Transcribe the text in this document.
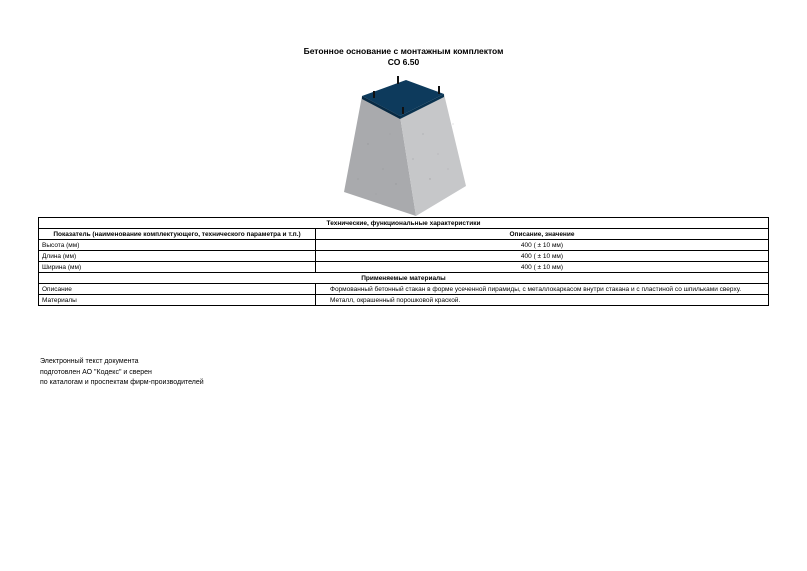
Бетонное основание с монтажным комплектом
СО 6.50
Технические, функциональные характеристики	
Показатель (наименование комплектующего, технического параметра и т.п.)	Описание, значение
Высота (мм)	400 ( ± 10 мм)
Длина (мм)	400 ( ± 10 мм)
Ширина (мм)	400 ( ± 10 мм)
Применяемые материалы	
Описание	Формованный бетонный стакан в форме усеченной пирамиды, с металлокаркасом внутри стакана и с пластиной со шпильками сверху.
Материалы	Металл, окрашенный порошковой краской.
Электронный текст документа
подготовлен АО "Кодекс" и сверен
по каталогам и проспектам фирм-производителей
